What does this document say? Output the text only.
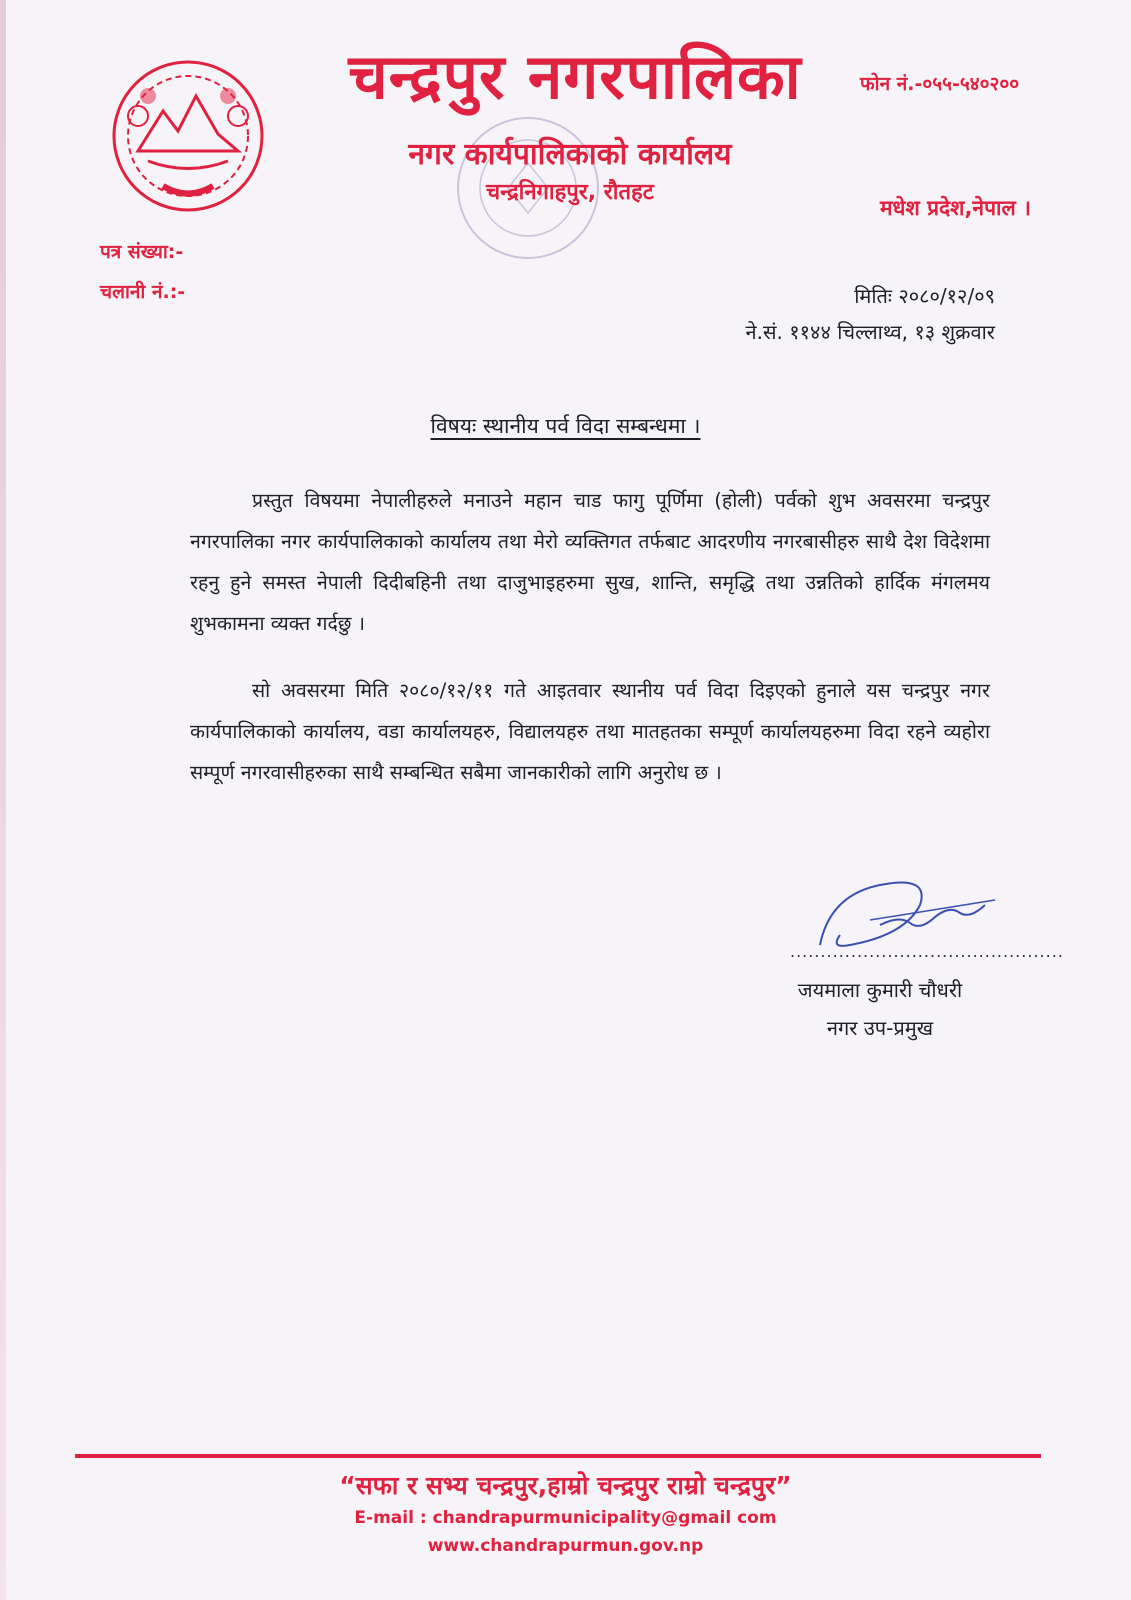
चन्द्रपुर नगरपालिका
नगर कार्यपालिकाको कार्यालय
चन्द्रनिगाहपुर, रौतहट
फोन नं.-०५५-५४०२००
मधेश प्रदेश,नेपाल ।
पत्र संख्या:-
चलानी नं.:-	मितिः २०८०/१२/०९
ने.सं. ११४४ चिल्लाथ्व, १३ शुक्रवार
विषयः स्थानीय पर्व विदा सम्बन्धमा ।
प्रस्तुत विषयमा नेपालीहरुले मनाउने महान चाड फागु पूर्णिमा (होली) पर्वको शुभ अवसरमा चन्द्रपुर नगरपालिका नगर कार्यपालिकाको कार्यालय तथा मेरो व्यक्तिगत तर्फबाट आदरणीय नगरबासीहरु साथै देश विदेशमा रहनु हुने समस्त नेपाली दिदीबहिनी तथा दाजुभाइहरुमा सुख, शान्ति, समृद्धि तथा उन्नतिको हार्दिक मंगलमय शुभकामना व्यक्त गर्दछु ।
सो अवसरमा मिति २०८०/१२/११ गते आइतवार स्थानीय पर्व विदा दिइएको हुनाले यस चन्द्रपुर नगर कार्यपालिकाको कार्यालय, वडा कार्यालयहरु, विद्यालयहरु तथा मातहतका सम्पूर्ण कार्यालयहरुमा विदा रहने व्यहोरा सम्पूर्ण नगरवासीहरुका साथै सम्बन्धित सबैमा जानकारीको लागि अनुरोध छ ।
.............................................
जयमाला कुमारी चौधरी
नगर उप-प्रमुख
“सफा र सभ्य चन्द्रपुर,हाम्रो चन्द्रपुर राम्रो चन्द्रपुर”
E-mail : chandrapurmunicipality@gmail com
www.chandrapurmun.gov.np
